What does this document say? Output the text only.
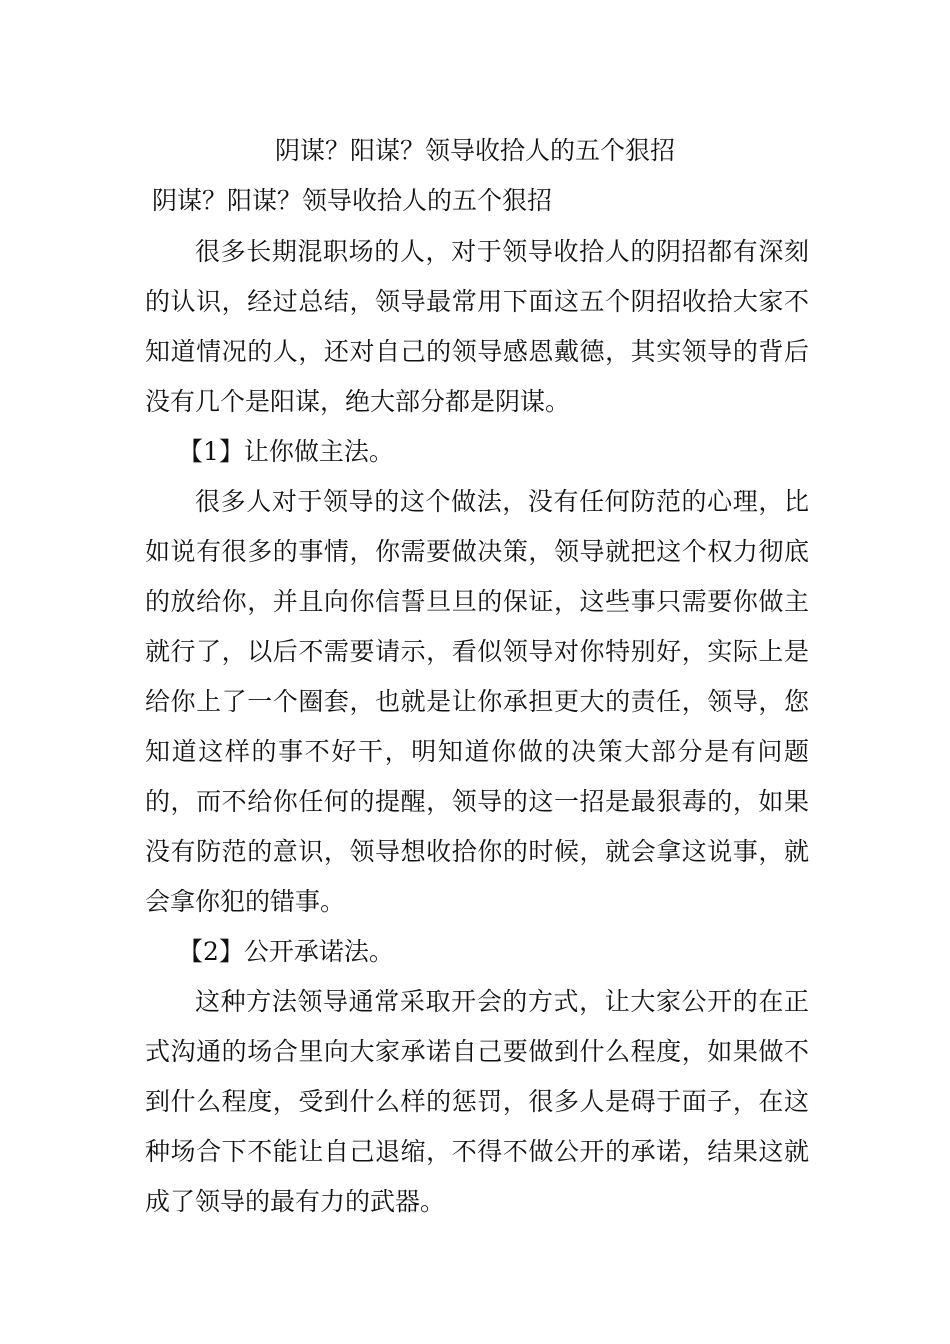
阴谋？阳谋？领导收拾人的五个狠招
阴谋？阳谋？领导收拾人的五个狠招

很多长期混职场的人，对于领导收拾人的阴招都有深刻的认识，经过总结，领导最常用下面这五个阴招收拾大家不知道情况的人，还对自己的领导感恩戴德，其实领导的背后没有几个是阳谋，绝大部分都是阴谋。

【1】让你做主法。

很多人对于领导的这个做法，没有任何防范的心理，比如说有很多的事情，你需要做决策，领导就把这个权力彻底的放给你，并且向你信誓旦旦的保证，这些事只需要你做主就行了，以后不需要请示，看似领导对你特别好，实际上是给你上了一个圈套，也就是让你承担更大的责任，领导，您知道这样的事不好干，明知道你做的决策大部分是有问题的，而不给你任何的提醒，领导的这一招是最狠毒的，如果没有防范的意识，领导想收拾你的时候，就会拿这说事，就会拿你犯的错事。

【2】公开承诺法。

这种方法领导通常采取开会的方式，让大家公开的在正式沟通的场合里向大家承诺自己要做到什么程度，如果做不到什么程度，受到什么样的惩罚，很多人是碍于面子，在这种场合下不能让自己退缩，不得不做公开的承诺，结果这就成了领导的最有力的武器。
